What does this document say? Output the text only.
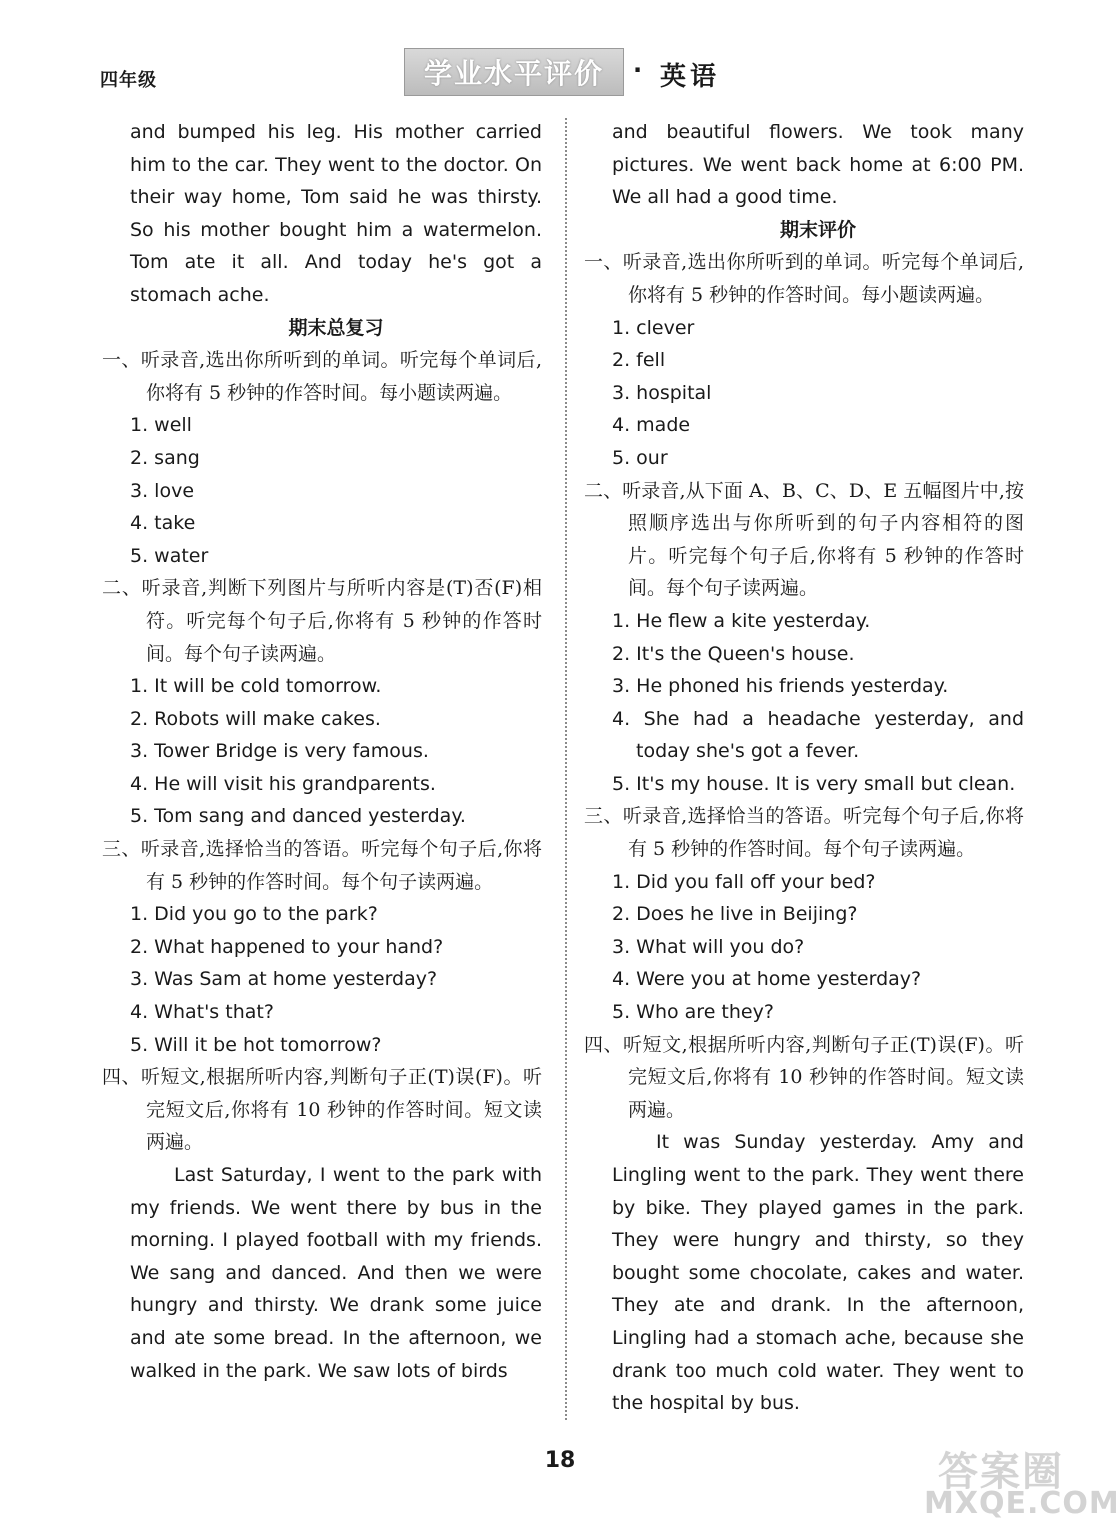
四年级	学业水平评价	· 英语

and bumped his leg. His mother carried him to the car. They went to the doctor. On their way home, Tom said he was thirsty. So his mother bought him a watermelon. Tom ate it all. And today he's got a stomach ache.

期末总复习

一、听录音,选出你所听到的单词。听完每个单词后,你将有 5 秒钟的作答时间。每小题读两遍。

1. well

2. sang

3. love

4. take

5. water

二、听录音,判断下列图片与所听内容是(T)否(F)相符。听完每个句子后,你将有 5 秒钟的作答时间。每个句子读两遍。

1. It will be cold tomorrow.

2. Robots will make cakes.

3. Tower Bridge is very famous.

4. He will visit his grandparents.

5. Tom sang and danced yesterday.

三、听录音,选择恰当的答语。听完每个句子后,你将有 5 秒钟的作答时间。每个句子读两遍。

1. Did you go to the park?

2. What happened to your hand?

3. Was Sam at home yesterday?

4. What's that?

5. Will it be hot tomorrow?

四、听短文,根据所听内容,判断句子正(T)误(F)。听完短文后,你将有 10 秒钟的作答时间。短文读两遍。

Last Saturday, I went to the park with my friends. We went there by bus in the morning. I played football with my friends. We sang and danced. And then we were hungry and thirsty. We drank some juice and ate some bread. In the afternoon, we walked in the park. We saw lots of birds

and beautiful flowers. We took many pictures. We went back home at 6:00 PM. We all had a good time.

期末评价

一、听录音,选出你所听到的单词。听完每个单词后,你将有 5 秒钟的作答时间。每小题读两遍。

1. clever

2. fell

3. hospital

4. made

5. our

二、听录音,从下面 A、B、C、D、E 五幅图片中,按照顺序选出与你所听到的句子内容相符的图片。听完每个句子后,你将有 5 秒钟的作答时间。每个句子读两遍。

1. He flew a kite yesterday.

2. It's the Queen's house.

3. He phoned his friends yesterday.

4. She had a headache yesterday, and today she's got a fever.

5. It's my house. It is very small but clean.

三、听录音,选择恰当的答语。听完每个句子后,你将有 5 秒钟的作答时间。每个句子读两遍。

1. Did you fall off your bed?

2. Does he live in Beijing?

3. What will you do?

4. Were you at home yesterday?

5. Who are they?

四、听短文,根据所听内容,判断句子正(T)误(F)。听完短文后,你将有 10 秒钟的作答时间。短文读两遍。

It was Sunday yesterday. Amy and Lingling went to the park. They went there by bike. They played games in the park. They were hungry and thirsty, so they bought some chocolate, cakes and water. They ate and drank. In the afternoon, Lingling had a stomach ache, because she drank too much cold water. They went to the hospital by bus.

18	答案圈
MXQE.COM
